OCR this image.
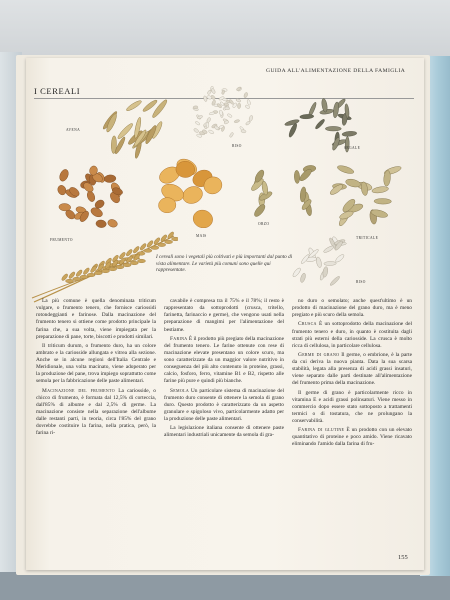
GUIDA ALL'ALIMENTAZIONE DELLA FAMIGLIA
I CEREALI
AVENA
RISO	SEGALE
FRUMENTO
MAIS
ORZO
TRITICALE
RISO
I cereali sono i vegetali più coltivati e più importanti dal punto di vista alimentare. Le varietà più comuni sono quelle qui rappresentate.

La più comune è quella denominata triticum vulgare, o frumento tenero, che fornisce cariossidi rotondeggianti e farinose. Dalla macinazione del frumento tenero si ottiene come prodotto principale la farina che, a sua volta, viene impiegata per la preparazione di pane, torte, biscotti e prodotti similari.

Il triticum durum, o frumento duro, ha un colore ambrato e la cariosside allungata e vitrea alla sezione. Anche se in alcune regioni dell'Italia Centrale e Meridionale, una volta macinato, viene adoperato per la produzione del pane, trova impiego soprattutto come semola per la fabbricazione delle paste alimentari.

Macinazione del frumento La cariosside, o chicco di frumento, è formata dal 12,5% di corteccia, dall'85% di albume e dal 2,5% di germe. La macinazione consiste nella separazione dell'albume dalle restanti parti, in teoria, circa l'85% del grano dovrebbe costituire la farina, nella pratica, però, la farina ri-

cavabile è compresa tra il 75% e il 78%; il resto è rappresentato da sottoprodotti (crusca, tritello, farinetta, farinaccio e germe), che vengono usati nella preparazione di mangimi per l'alimentazione del bestiame.

Farina È il prodotto più pregiato della macinazione del frumento tenero. Le farine ottenute con rese di macinazione elevate presentano un colore scuro, ma sono caratterizzate da un maggior valore nutritivo in conseguenza del più alto contenuto in proteine, grassi, calcio, fosforo, ferro, vitamine B1 e B2, rispetto alle farine più pure e quindi più bianche.

Semola Un particolare sistema di macinazione del frumento duro consente di ottenere la semola di grano duro. Questo prodotto è caratterizzato da un aspetto granulare e spigoloso vivo, particolarmente adatto per la produzione delle paste alimentari.

La legislazione italiana consente di ottenere paste alimentari industriali unicamente da semola di gra-

no duro o semolato; anche quest'ultimo è un prodotto di macinazione del grano duro, ma è meno pregiato e più scuro della semola.

Crusca È un sottoprodotto della macinazione del frumento tenero e duro, in quanto è costituita dagli strati più esterni della cariosside. La crusca è molto ricca di cellulosa, in particolare cellulosa.

Germe di grano Il germe, o embrione, è la parte da cui deriva la nuova pianta. Data la sua scarsa stabilità, legata alla presenza di acidi grassi insaturi, viene separato dalle parti destinate all'alimentazione del frumento prima della macinazione.

Il germe di grano è particolarmente ricco in vitamina E e acidi grassi polinsaturi. Viene messo in commercio dopo essere stato sottoposto a trattamenti termici o di tostatura, che ne prolungano la conservabilità.

Farina di glutine È un prodotto con un elevato quantitativo di proteine e poco amido. Viene ricavato eliminando l'amido dalla farina di fru-

155
